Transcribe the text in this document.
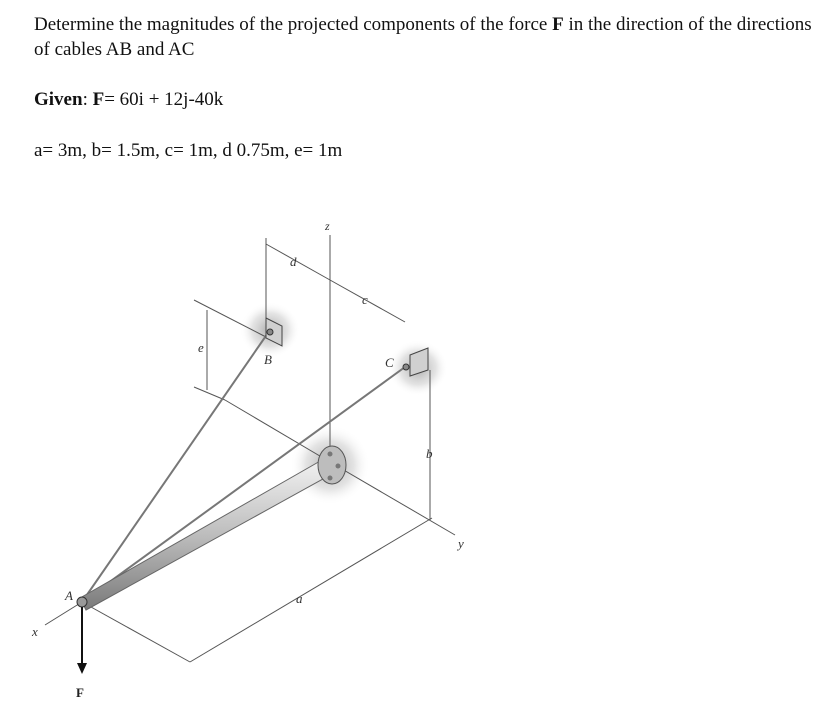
Determine the magnitudes of the projected components of the force F in the direction of the directions of cables AB and AC

Given: F= 60i + 12j-40k
a= 3m, b= 1.5m, c= 1m, d 0.75m, e= 1m
z
d
c
e
B	C
b
y
A	a
x
F
